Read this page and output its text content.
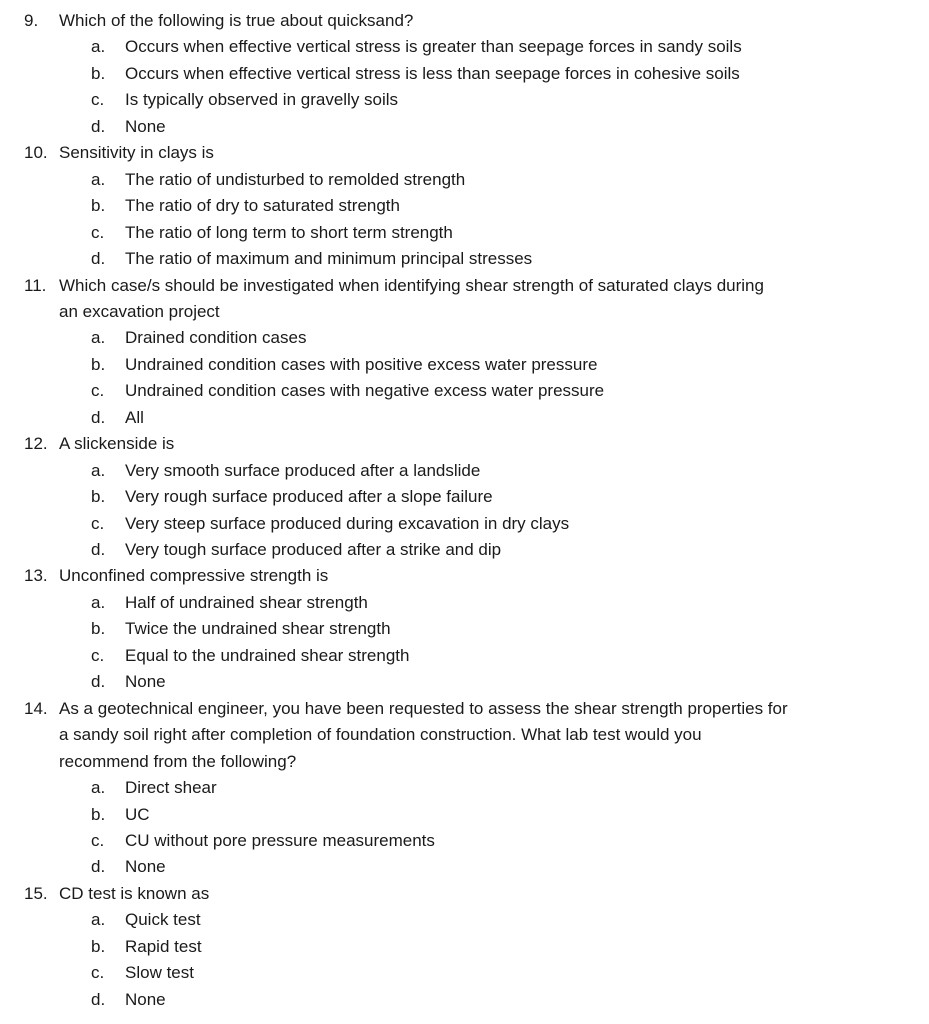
9. Which of the following is true about quicksand?
a. Occurs when effective vertical stress is greater than seepage forces in sandy soils
b. Occurs when effective vertical stress is less than seepage forces in cohesive soils
c. Is typically observed in gravelly soils
d. None
10. Sensitivity in clays is
a. The ratio of undisturbed to remolded strength
b. The ratio of dry to saturated strength
c. The ratio of long term to short term strength
d. The ratio of maximum and minimum principal stresses
11. Which case/s should be investigated when identifying shear strength of saturated clays during
an excavation project
a. Drained condition cases
b. Undrained condition cases with positive excess water pressure
c. Undrained condition cases with negative excess water pressure
d. All
12. A slickenside is
a. Very smooth surface produced after a landslide
b. Very rough surface produced after a slope failure
c. Very steep surface produced during excavation in dry clays
d. Very tough surface produced after a strike and dip
13. Unconfined compressive strength is
a. Half of undrained shear strength
b. Twice the undrained shear strength
c. Equal to the undrained shear strength
d. None
14. As a geotechnical engineer, you have been requested to assess the shear strength properties for
a sandy soil right after completion of foundation construction. What lab test would you
recommend from the following?
a. Direct shear
b. UC
c. CU without pore pressure measurements
d. None
15. CD test is known as
a. Quick test
b. Rapid test
c. Slow test
d. None
